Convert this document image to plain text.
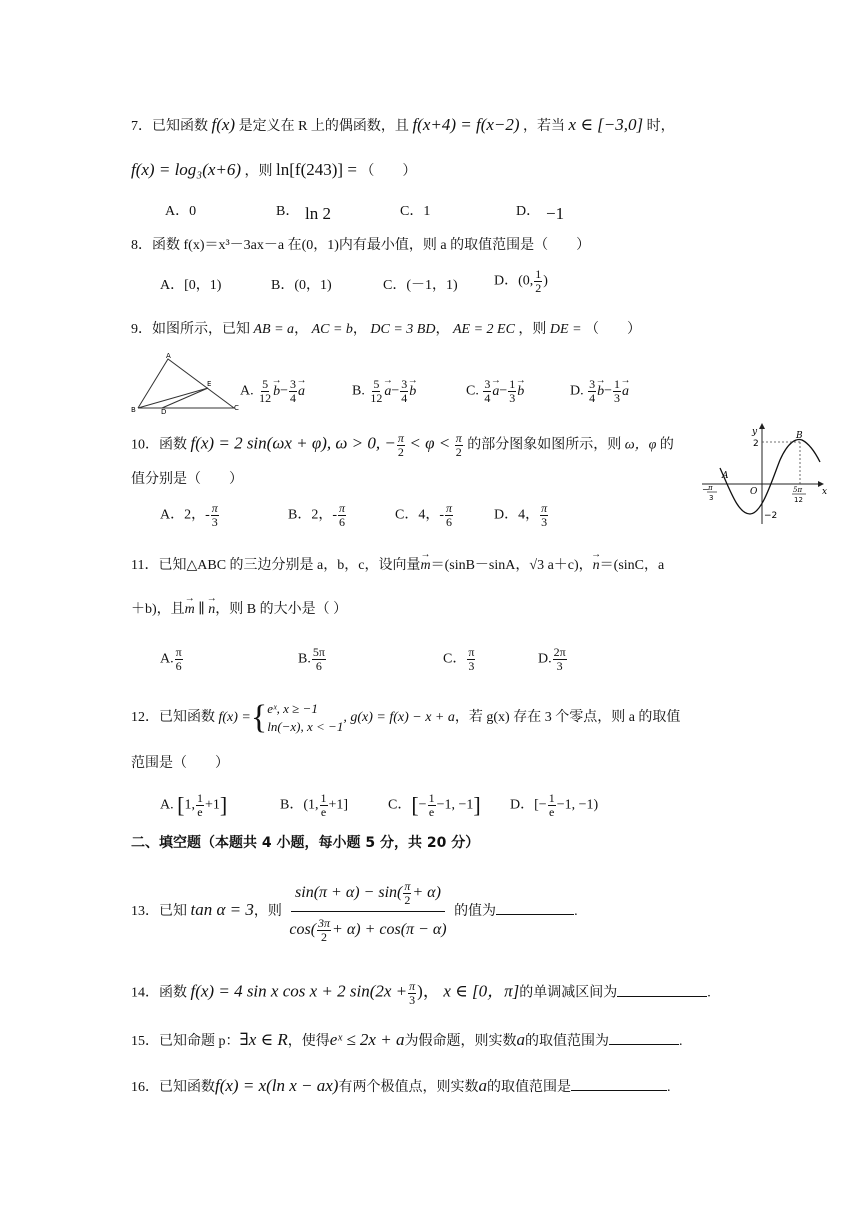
7．已知函数 f(x) 是定义在 R 上的偶函数，且 f(x+4) = f(x−2) ，若当 x ∈ [−3,0] 时，
f(x) = log₃(x+6) ，则 ln[f(243)] = （　　）
A．0	B． ln 2	C．1	D． −1
8．函数 f(x)＝x³－3ax－a 在(0，1)内有最小值，则 a 的取值范围是（　　）
A．[0，1)	B．(0，1)	C．(－1，1)	D．(0, $\frac{1}{2}$ )
9．如图所示，已知 AB = a， AC = b， DC = 3 BD， AE = 2 EC ，则 DE = （　　）
A
B	D
E
C
A. $\frac{5}{12}$
→ $b- \frac{3}{4}$
→ a	B. $\frac{5}{12}$
→ $a- \frac{3}{4}$
→ b	C. $\frac{3}{4}$
→ $a- \frac{1}{3}$
→ b	D. $\frac{3}{4}$
→ $b- \frac{1}{3}$
→ a
10．函数 f(x) = 2 sin(ωx + φ), ω > 0, − $\frac{\pi}{2} < \varphi < \frac{\pi}{2}$ 的部分图象如图所示，则 ω，φ 的
值分别是（　　）
y
x
O
2
−2
A
B
− π
3
5π
12
A．2，- $\frac{\pi}{3}$	B．2，- $\frac{\pi}{6}$	C．4，- $\frac{\pi}{6}$	D．4， $\frac{\pi}{3}$
11．已知△ABC 的三边分别是 a，b，c，设向量→ m＝(sinB－sinA，√3 a＋c)，→ n＝(sinC，a
＋b)，且→ m ∥ → n，则 B 的大小是（ ）
A. $\frac{\pi}{6}$	B. $\frac{5\pi}{6}$	C． $\frac{\pi}{3}$	D. $\frac{2\pi}{3}$
12．已知函数 f(x) ={ eˣ, x ≥ −1
ln(−x), x < −1
, g(x) = f(x) − x + a，若 g(x) 存在 3 个零点，则 a 的取值
范围是（　　）
A. [1, $\frac{1}{e} +1$]	B．(1, $\frac{1}{e} +1$]	C．[− $\frac{1}{e} -1$, −1] D．[− $\frac{1}{e} -1$, −1)
二、填空题（本题共 4 小题，每小题 5 分，共 20 分）
13．已知 tan α = 3，则 $\frac{\sin(\pi + \alpha) - \sin( \frac{\pi}{2} + \alpha)}{\cos( \frac{3\pi}{2} + \alpha) + \cos(\pi - \alpha)}$ 的值为	.
14．函数 f(x) = 4 sin x cos x + 2 $\sin(2x + \frac{\pi}{3}$ )， x ∈ [0，π]的单调减区间为	.
15．已知命题 p：∃x ∈ R，使得eˣ ≤ 2x + a为假命题，则实数a的取值范围为	.
16．已知函数f(x) = x(ln x − ax)有两个极值点，则实数a的取值范围是	.
